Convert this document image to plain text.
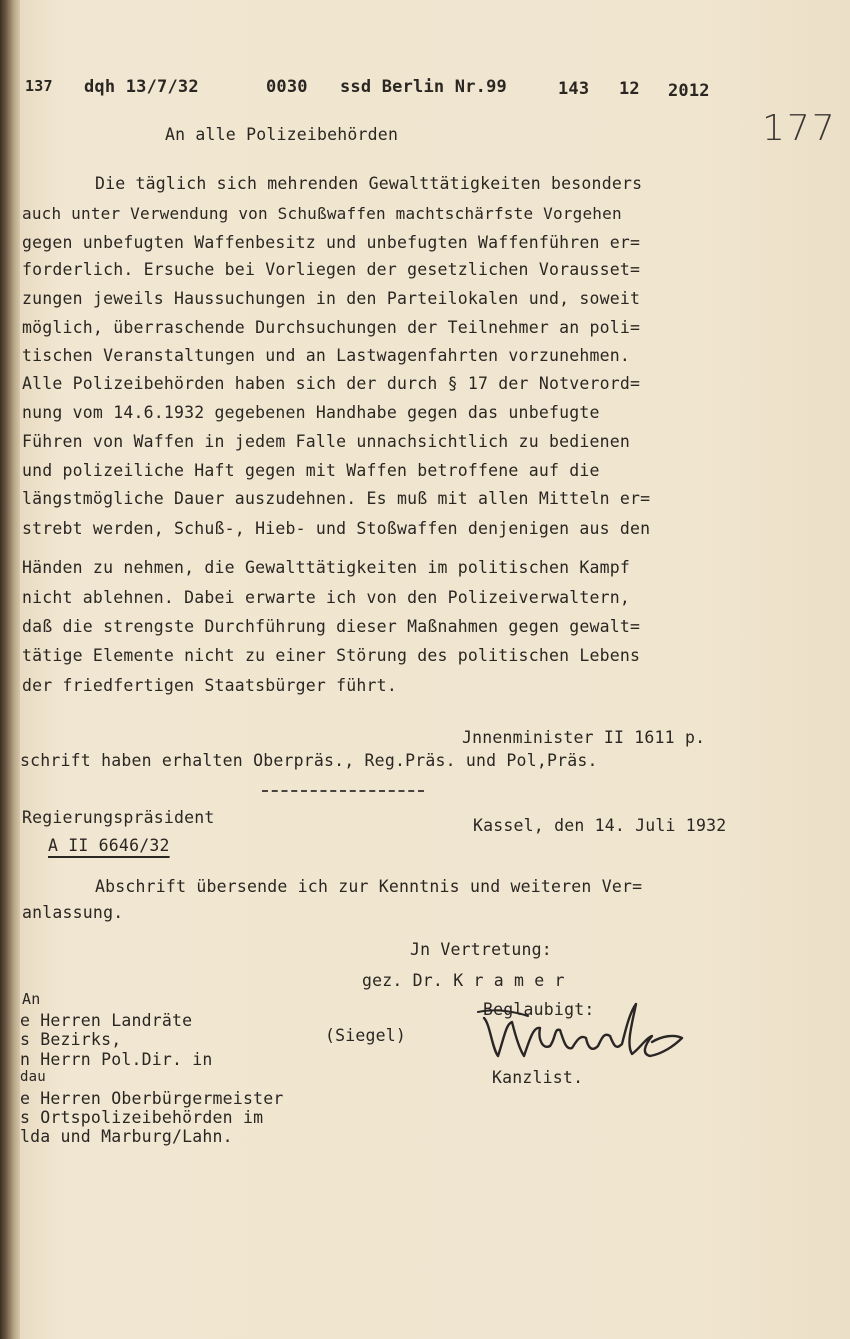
137 dqh 13/7/32	0030 ssd Berlin Nr.99	143 12 2012
177
An alle Polizeibehörden
Die täglich sich mehrenden Gewalttätigkeiten besonders
auch unter Verwendung von Schußwaffen machtschärfste Vorgehen
gegen unbefugten Waffenbesitz und unbefugten Waffenführen er=
forderlich. Ersuche bei Vorliegen der gesetzlichen Vorausset=
zungen jeweils Haussuchungen in den Parteilokalen und, soweit
möglich, überraschende Durchsuchungen der Teilnehmer an poli=
tischen Veranstaltungen und an Lastwagenfahrten vorzunehmen.
Alle Polizeibehörden haben sich der durch § 17 der Notverord=
nung vom 14.6.1932 gegebenen Handhabe gegen das unbefugte
Führen von Waffen in jedem Falle unnachsichtlich zu bedienen
und polizeiliche Haft gegen mit Waffen betroffene auf die
längstmögliche Dauer auszudehnen. Es muß mit allen Mitteln er=
strebt werden, Schuß-, Hieb- und Stoßwaffen denjenigen aus den
Händen zu nehmen, die Gewalttätigkeiten im politischen Kampf
nicht ablehnen. Dabei erwarte ich von den Polizeiverwaltern,
daß die strengste Durchführung dieser Maßnahmen gegen gewalt=
tätige Elemente nicht zu einer Störung des politischen Lebens
der friedfertigen Staatsbürger führt.
Jnnenminister II 1611 p.
schrift haben erhalten Oberpräs., Reg.Präs. und Pol,Präs.
Regierungspräsident	Kassel, den 14. Juli 1932
A II 6646/32
Abschrift übersende ich zur Kenntnis und weiteren Ver=
anlassung.
Jn Vertretung:
gez. Dr. K r a m e r
Beglaubigt:
(Siegel)
Kanzlist.
An
e Herren Landräte
s Bezirks,
n Herrn Pol.Dir. in
dau
e Herren Oberbürgermeister
s Ortspolizeibehörden im
lda und Marburg/Lahn.
